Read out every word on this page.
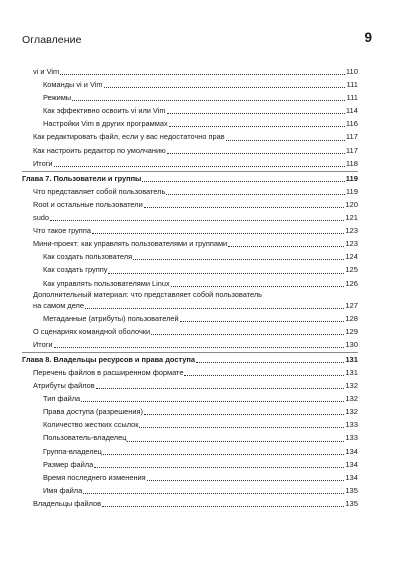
Оглавление	9
vi и Vim	110
Команды vi и Vim	111
Режимы	111
Как эффективно освоить vi или Vim	114
Настройки Vim в других программах	116
Как редактировать файл, если у вас недостаточно прав	117
Как настроить редактор по умолчанию	117
Итоги	118
Глава 7. Пользователи и группы	119
Что представляет собой пользователь	119
Root и остальные пользователи	120
sudo	121
Что такое группа	123
Мини-проект: как управлять пользователями и группами	123
Как создать пользователя	124
Как создать группу	125
Как управлять пользователями Linux	126
Дополнительный материал: что представляет собой пользователь
на самом деле	127
Метаданные (атрибуты) пользователей	128
О сценариях командной оболочки	129
Итоги	130
Глава 8. Владельцы ресурсов и права доступа	131
Перечень файлов в расширенном формате	131
Атрибуты файлов	132
Тип файла	132
Права доступа (разрешения)	132
Количество жестких ссылок	133
Пользователь-владелец	133
Группа-владелец	134
Размер файла	134
Время последнего изменения	134
Имя файла	135
Владельцы файлов	135
